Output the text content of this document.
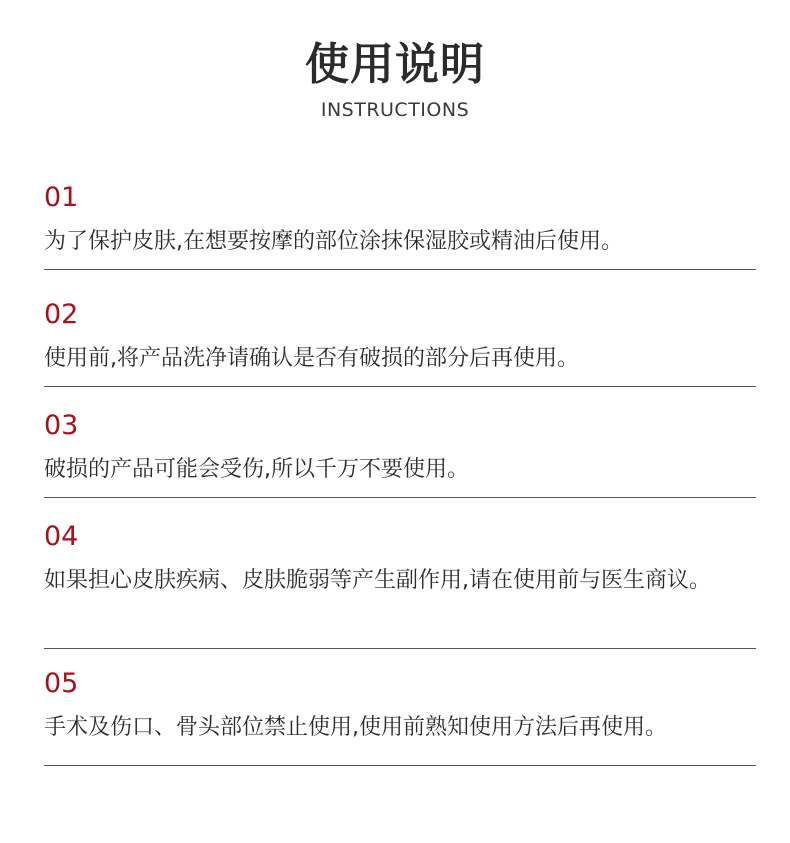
使用说明
INSTRUCTIONS
01
为了保护皮肤,在想要按摩的部位涂抹保湿胶或精油后使用。
02
使用前,将产品洗净请确认是否有破损的部分后再使用。
03
破损的产品可能会受伤,所以千万不要使用。
04
如果担心皮肤疾病、皮肤脆弱等产生副作用,请在使用前与医生商议。
05
手术及伤口、骨头部位禁止使用,使用前熟知使用方法后再使用。
